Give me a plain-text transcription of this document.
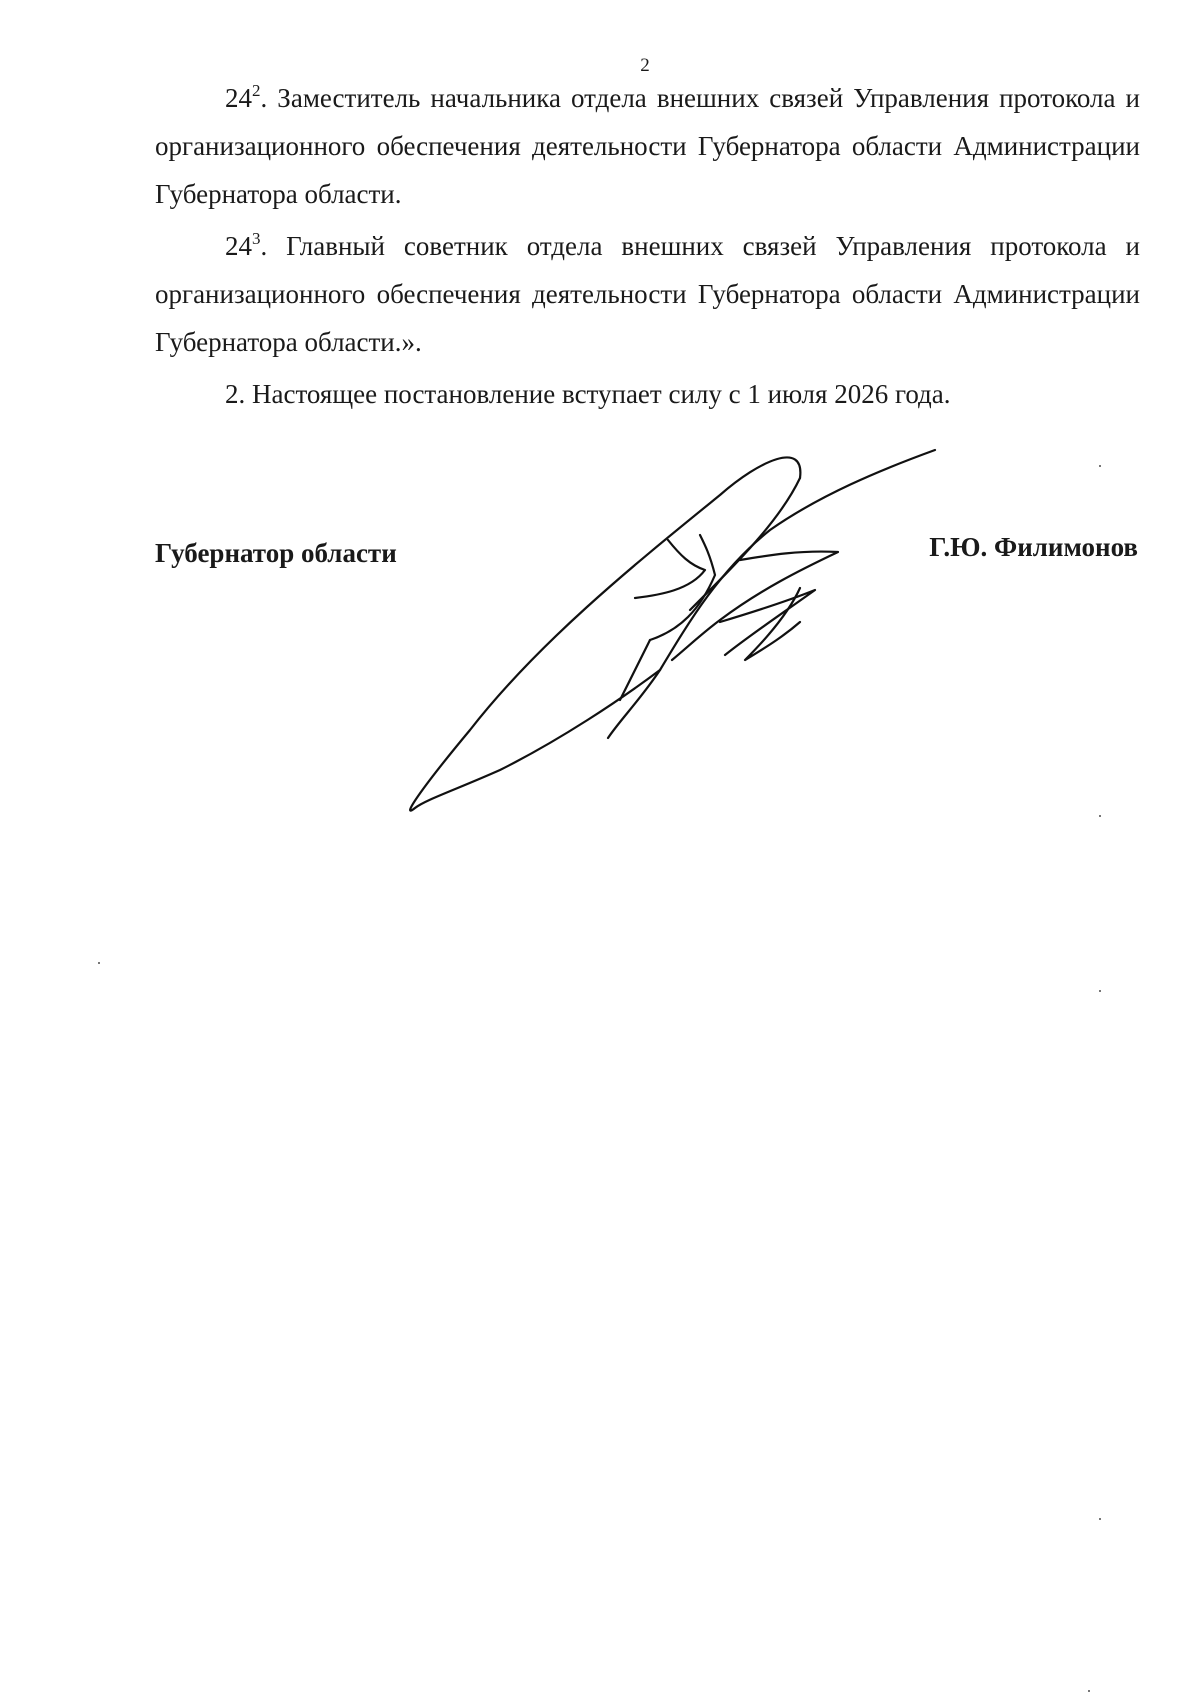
2

$24^2$. Заместитель начальника отдела внешних связей Управления протокола и организационного обеспечения деятельности Губернатора области Администрации Губернатора области.

$24^3$. Главный советник отдела внешних связей Управления протокола и организационного обеспечения деятельности Губернатора области Администрации Губернатора области.».

2. Настоящее постановление вступает силу с 1 июля 2026 года.

Губернатор области	Г.Ю. Филимонов
